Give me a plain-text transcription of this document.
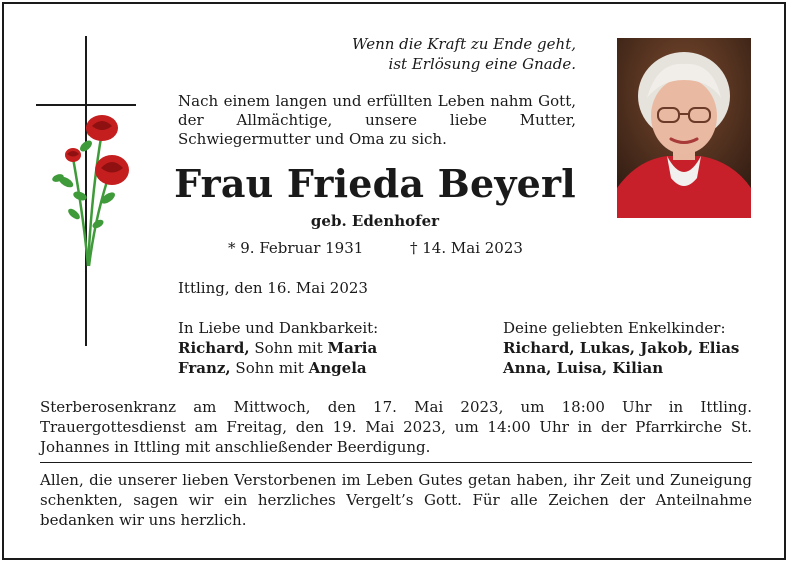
Wenn die Kraft zu Ende geht,
ist Erlösung eine Gnade.
Nach einem langen und erfüllten Leben nahm Gott, der Allmächtige, unsere liebe Mutter, Schwiegermutter und Oma zu sich.
Frau Frieda Beyerl
geb. Edenhofer
* 9. Februar 1931	† 14. Mai 2023
Ittling, den 16. Mai 2023
In Liebe und Dankbarkeit:
Richard, Sohn mit Maria
Franz, Sohn mit Angela
Deine geliebten Enkelkinder:
Richard, Lukas, Jakob, Elias
Anna, Luisa, Kilian
Sterberosenkranz am Mittwoch, den 17. Mai 2023, um 18:00 Uhr in Ittling. Trauergottesdienst am Freitag, den 19. Mai 2023, um 14:00 Uhr in der Pfarrkirche St. Johannes in Ittling mit anschließender Beerdigung.
Allen, die unserer lieben Verstorbenen im Leben Gutes getan haben, ihr Zeit und Zuneigung schenkten, sagen wir ein herzliches Vergelt’s Gott. Für alle Zeichen der Anteilnahme bedanken wir uns herzlich.
